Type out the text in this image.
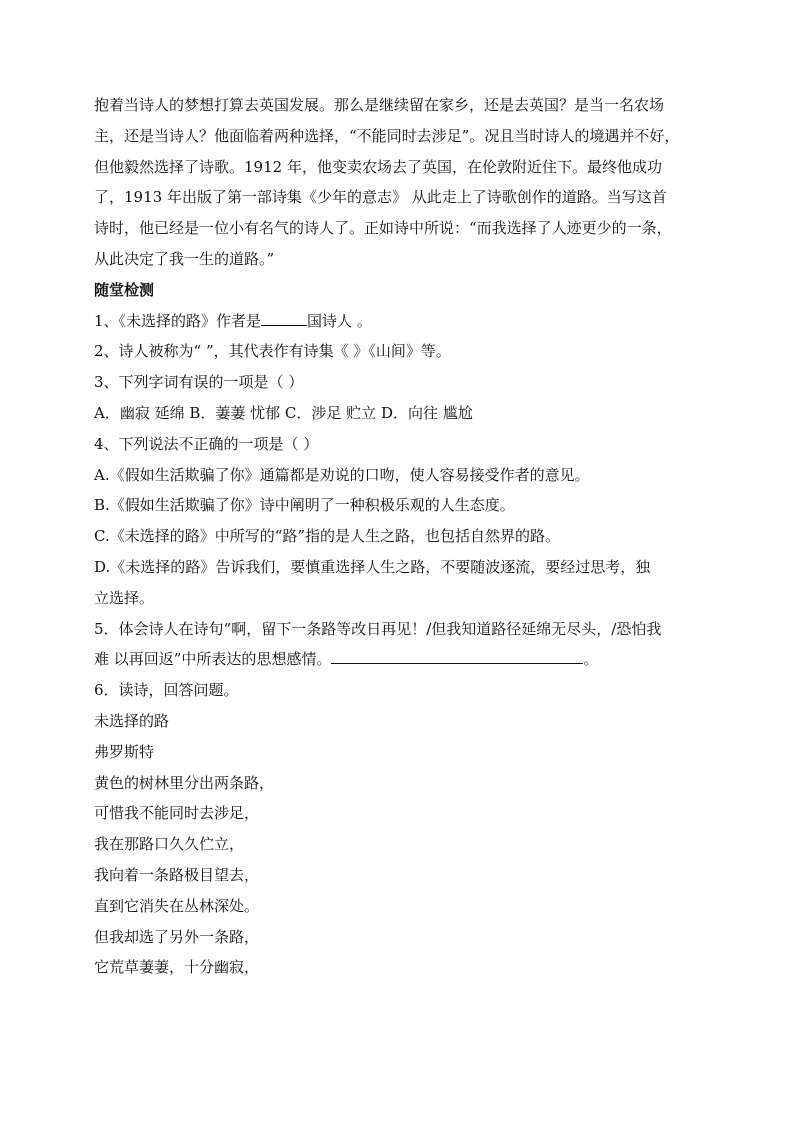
抱着当诗人的梦想打算去英国发展。那么是继续留在家乡，还是去英国？是当一名农场
主，还是当诗人？他面临着两种选择，“不能同时去涉足”。况且当时诗人的境遇并不好，
但他毅然选择了诗歌。1912 年，他变卖农场去了英国，在伦敦附近住下。最终他成功
了，1913 年出版了第一部诗集《少年的意志》 从此走上了诗歌创作的道路。当写这首
诗时，他已经是一位小有名气的诗人了。正如诗中所说：“而我选择了人迹更少的一条，
从此决定了我一生的道路。”
随堂检测
1、《未选择的路》作者是	国诗人 。
2、诗人被称为“ ”，其代表作有诗集《 》《山间》等。
3、下列字词有误的一项是（ ）
A．幽寂 延绵 B．萋萋 忧郁 C．涉足 贮立 D．向往 尴尬
4、下列说法不正确的一项是（ ）
A.《假如生活欺骗了你》通篇都是劝说的口吻，使人容易接受作者的意见。
B.《假如生活欺骗了你》诗中阐明了一种积极乐观的人生态度。
C.《未选择的路》中所写的“路”指的是人生之路，也包括自然界的路。
D.《未选择的路》告诉我们，要慎重选择人生之路，不要随波逐流，要经过思考，独
立选择。
5．体会诗人在诗句“啊，留下一条路等改日再见！/但我知道路径延绵无尽头，/恐怕我
难 以再回返”中所表达的思想感情。	。
6．读诗，回答问题。
未选择的路
弗罗斯特
黄色的树林里分出两条路，
可惜我不能同时去涉足，
我在那路口久久伫立，
我向着一条路极目望去，
直到它消失在丛林深处。
但我却选了另外一条路，
它荒草萋萋，十分幽寂，
